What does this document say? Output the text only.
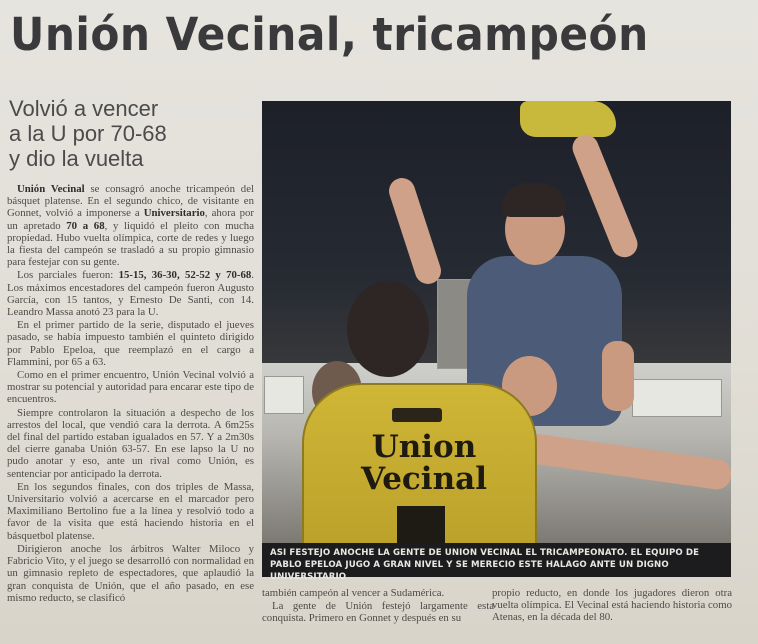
Unión Vecinal, tricampeón
Volvió a vencer
a la U por 70-68
y dio la vuelta

Unión Vecinal se consagró anoche tricampeón del básquet platense. En el segundo chico, de visitante en Gonnet, volvió a imponerse a Universitario, ahora por un apretado 70 a 68, y liquidó el pleito con mucha propiedad. Hubo vuelta olímpica, corte de redes y luego la fiesta del campeón se trasladó a su propio gimnasio para festejar con su gente.

Los parciales fueron: 15-15, 36-30, 52-52 y 70-68. Los máximos encestadores del campeón fueron Augusto García, con 15 tantos, y Ernesto De Santi, con 14. Leandro Massa anotó 23 para la U.

En el primer partido de la serie, disputado el jueves pasado, se había impuesto también el quinteto dirigido por Pablo Epeloa, que reemplazó en el cargo a Flammini, por 65 a 63.

Como en el primer encuentro, Unión Vecinal volvió a mostrar su potencial y autoridad para encarar este tipo de encuentros.

Siempre controlaron la situación a despecho de los arrestos del local, que vendió cara la derrota. A 6m25s del final del partido estaban igualados en 57. Y a 2m30s del cierre ganaba Unión 63-57. En ese lapso la U no pudo anotar y eso, ante un rival como Unión, es sentenciar por anticipado la derrota.

En los segundos finales, con dos triples de Massa, Universitario volvió a acercarse en el marcador pero Maximiliano Bertolino fue a la línea y resolvió todo a favor de la visita que está haciendo historia en el básquetbol platense.

Dirigieron anoche los árbitros Walter Miloco y Fabricio Vito, y el juego se desarrolló con normalidad en un gimnasio repleto de espectadores, que aplaudió la gran conquista de Unión, que el año pasado, en ese mismo reducto, se clasificó

Union
Vecinal
ASI FESTEJO ANOCHE LA GENTE DE UNION VECINAL EL TRICAMPEONATO. EL EQUIPO DE PABLO EPELOA JUGO A GRAN NIVEL Y SE MERECIO ESTE HALAGO ANTE UN DIGNO UNIVERSITARIO

también campeón al vencer a Sudamérica.

La gente de Unión festejó largamente esta conquista. Primero en Gonnet y después en su

propio reducto, en donde los jugadores dieron otra vuelta olímpica. El Vecinal está haciendo historia como Atenas, en la década del 80.
